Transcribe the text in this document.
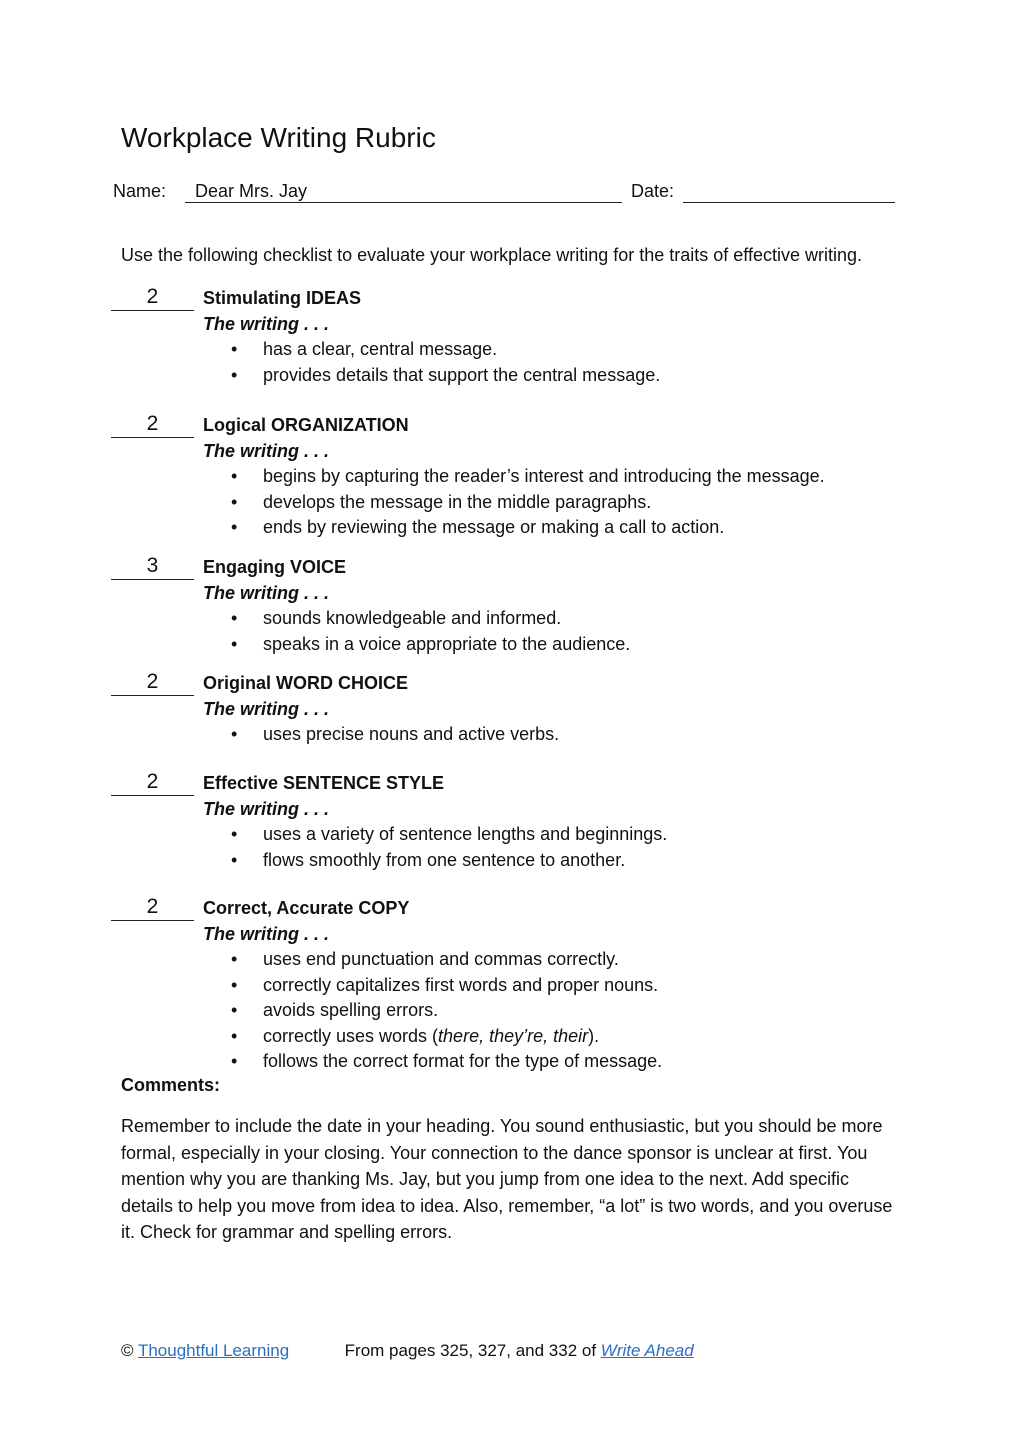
Workplace Writing Rubric
Name: Dear Mrs. Jay	Date:

Use the following checklist to evaluate your workplace writing for the traits of effective writing.

2	Stimulating IDEAS
The writing . . .
• has a clear, central message.
• provides details that support the central message.
2	Logical ORGANIZATION
The writing . . .
• begins by capturing the reader’s interest and introducing the message.
• develops the message in the middle paragraphs.
• ends by reviewing the message or making a call to action.
3	Engaging VOICE
The writing . . .
• sounds knowledgeable and informed.
• speaks in a voice appropriate to the audience.
2	Original WORD CHOICE
The writing . . .
• uses precise nouns and active verbs.
2	Effective SENTENCE STYLE
The writing . . .
• uses a variety of sentence lengths and beginnings.
• flows smoothly from one sentence to another.
2	Correct, Accurate COPY
The writing . . .
• uses end punctuation and commas correctly.
• correctly capitalizes first words and proper nouns.
• avoids spelling errors.
• correctly uses words (there, they’re, their).
• follows the correct format for the type of message.

Comments:

Remember to include the date in your heading. You sound enthusiastic, but you should be more formal, especially in your closing. Your connection to the dance sponsor is unclear at first. You mention why you are thanking Ms. Jay, but you jump from one idea to the next. Add specific details to help you move from idea to idea. Also, remember, “a lot” is two words, and you overuse it. Check for grammar and spelling errors.

© Thoughtful Learning	From pages 325, 327, and 332 of Write Ahead
